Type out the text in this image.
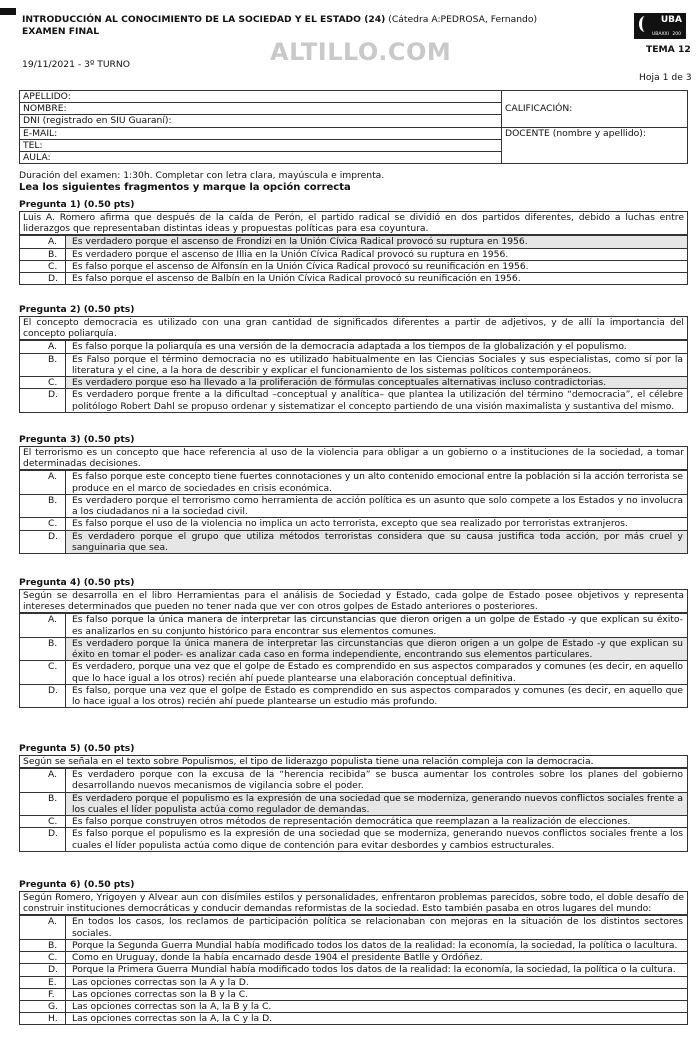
INTRODUCCIÓN AL CONOCIMIENTO DE LA SOCIEDAD Y EL ESTADO (24) (Cátedra A:PEDROSA, Fernando)
EXAMEN FINAL
19/11/2021 - 3º TURNO	ALTILLO.COM
UBA
UBAXXI 200
TEMA 12
Hoja 1 de 3
APELLIDO:	CALIFICACIÓN:
NOMBRE:	
DNI (registrado en SIU Guaraní):	
E-MAIL:	DOCENTE (nombre y apellido):
TEL:	
AULA:	
Duración del examen: 1:30h. Completar con letra clara, mayúscula e imprenta.
Lea los siguientes fragmentos y marque la opción correcta
Pregunta 1) (0.50 pts)
Luis A. Romero afirma que después de la caída de Perón, el partido radical se dividió en dos partidos diferentes, debido a luchas entre liderazgos que representaban distintas ideas y propuestas políticas para esa coyuntura.
A.	Es verdadero porque el ascenso de Frondizi en la Unión Cívica Radical provocó su ruptura en 1956.
B.	Es verdadero porque el ascenso de Illia en la Unión Cívica Radical provocó su ruptura en 1956.
C.	Es falso porque el ascenso de Alfonsín en la Unión Cívica Radical provocó su reunificación en 1956.
D.	Es falso porque el ascenso de Balbín en la Unión Cívica Radical provocó su reunificación en 1956.
Pregunta 2) (0.50 pts)
El concepto democracia es utilizado con una gran cantidad de significados diferentes a partir de adjetivos, y de allí la importancia del concepto poliarquía.
A.	Es falso porque la poliarquía es una versión de la democracia adaptada a los tiempos de la globalización y el populismo.
B.	Es Falso porque el término democracia no es utilizado habitualmente en las Ciencias Sociales y sus especialistas, como sí por la literatura y el cine, a la hora de describir y explicar el funcionamiento de los sistemas políticos contemporáneos.
C.	Es verdadero porque eso ha llevado a la proliferación de fórmulas conceptuales alternativas incluso contradictorias.
D.	Es verdadero porque frente a la dificultad –conceptual y analítica– que plantea la utilización del término “democracia”, el célebre politólogo Robert Dahl se propuso ordenar y sistematizar el concepto partiendo de una visión maximalista y sustantiva del mismo.
Pregunta 3) (0.50 pts)
El terrorismo es un concepto que hace referencia al uso de la violencia para obligar a un gobierno o a instituciones de la sociedad, a tomar determinadas decisiones.
A.	Es falso porque este concepto tiene fuertes connotaciones y un alto contenido emocional entre la población si la acción terrorista se produce en el marco de sociedades en crisis económica.
B.	Es verdadero porque el terrorismo como herramienta de acción política es un asunto que solo compete a los Estados y no involucra a los ciudadanos ni a la sociedad civil.
C.	Es falso porque el uso de la violencia no implica un acto terrorista, excepto que sea realizado por terroristas extranjeros.
D.	Es verdadero porque el grupo que utiliza métodos terroristas considera que su causa justifica toda acción, por más cruel y sanguinaria que sea.
Pregunta 4) (0.50 pts)
Según se desarrolla en el libro Herramientas para el análisis de Sociedad y Estado, cada golpe de Estado posee objetivos y representa intereses determinados que pueden no tener nada que ver con otros golpes de Estado anteriores o posteriores.
A.	Es falso porque la única manera de interpretar las circunstancias que dieron origen a un golpe de Estado -y que explican su éxito- es analizarlos en su conjunto histórico para encontrar sus elementos comunes.
B.	Es verdadero porque la única manera de interpretar las circunstancias que dieron origen a un golpe de Estado -y que explican su éxito en tomar el poder- es analizar cada caso en forma independiente, encontrando sus elementos particulares.
C.	Es verdadero, porque una vez que el golpe de Estado es comprendido en sus aspectos comparados y comunes (es decir, en aquello que lo hace igual a los otros) recién ahí puede plantearse una elaboración conceptual definitiva.
D.	Es falso, porque una vez que el golpe de Estado es comprendido en sus aspectos comparados y comunes (es decir, en aquello que lo hace igual a los otros) recién ahí puede plantearse un estudio más profundo.
Pregunta 5) (0.50 pts)
Según se señala en el texto sobre Populismos, el tipo de liderazgo populista tiene una relación compleja con la democracia.
A.	Es verdadero porque con la excusa de la “herencia recibida” se busca aumentar los controles sobre los planes del gobierno desarrollando nuevos mecanismos de vigilancia sobre el poder.
B.	Es verdadero porque el populismo es la expresión de una sociedad que se moderniza, generando nuevos conflictos sociales frente a los cuales el líder populista actúa como regulador de demandas.
C.	Es falso porque construyen otros métodos de representación democrática que reemplazan a la realización de elecciones.
D.	Es falso porque el populismo es la expresión de una sociedad que se moderniza, generando nuevos conflictos sociales frente a los cuales el líder populista actúa como dique de contención para evitar desbordes y cambios estructurales.
Pregunta 6) (0.50 pts)
Según Romero, Yrigoyen y Alvear aun con disímiles estilos y personalidades, enfrentaron problemas parecidos, sobre todo, el doble desafío de construir instituciones democráticas y conducir demandas reformistas de la sociedad. Esto también pasaba en otros lugares del mundo:
A.	En todos los casos, los reclamos de participación política se relacionaban con mejoras en la situación de los distintos sectores sociales.
B.	Porque la Segunda Guerra Mundial había modificado todos los datos de la realidad: la economía, la sociedad, la política o lacultura.
C.	Como en Uruguay, donde la había encarnado desde 1904 el presidente Batlle y Ordóñez.
D.	Porque la Primera Guerra Mundial había modificado todos los datos de la realidad: la economía, la sociedad, la política o la cultura.
E.	Las opciones correctas son la A y la D.
F.	Las opciones correctas son la B y la C.
G.	Las opciones correctas son la A, la B y la C.
H.	Las opciones correctas son la A, la C y la D.
